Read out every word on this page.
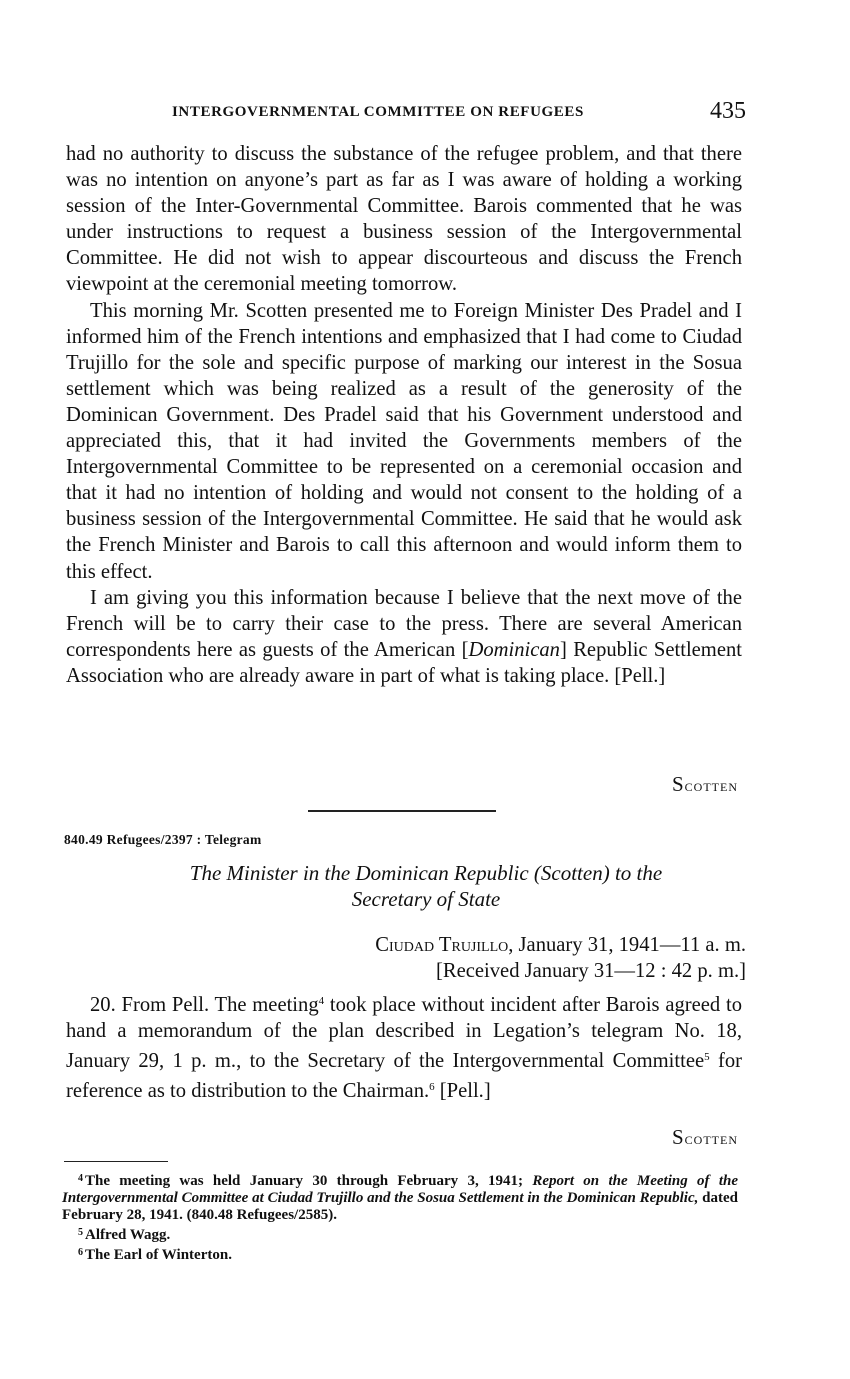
INTERGOVERNMENTAL COMMITTEE ON REFUGEES	435

had no authority to discuss the substance of the refugee problem, and that there was no intention on anyone’s part as far as I was aware of holding a working session of the Inter-Governmental Committee. Barois commented that he was under instructions to request a business session of the Intergovernmental Committee. He did not wish to appear discourteous and discuss the French viewpoint at the ceremonial meeting tomorrow.

This morning Mr. Scotten presented me to Foreign Minister Des Pradel and I informed him of the French intentions and emphasized that I had come to Ciudad Trujillo for the sole and specific purpose of marking our interest in the Sosua settlement which was being realized as a result of the generosity of the Dominican Government. Des Pradel said that his Government understood and appreciated this, that it had invited the Governments members of the Intergovernmental Committee to be represented on a ceremonial occasion and that it had no intention of holding and would not consent to the holding of a business session of the Intergovernmental Committee. He said that he would ask the French Minister and Barois to call this afternoon and would inform them to this effect.

I am giving you this information because I believe that the next move of the French will be to carry their case to the press. There are several American correspondents here as guests of the American [Dominican] Republic Settlement Association who are already aware in part of what is taking place. [Pell.]

Scotten
840.49 Refugees/2397 : Telegram
The Minister in the Dominican Republic (Scotten) to the
Secretary of State
Ciudad Trujillo, January 31, 1941—11 a. m.
[Received January 31—12 : 42 p. m.]

20. From Pell. The meeting$^4$ took place without incident after Barois agreed to hand a memorandum of the plan described in Legation’s telegram No. 18, January 29, 1 p. m., to the Secretary of the Intergovernmental Committee$^5$ for reference as to distribution to the Chairman.$^6$ [Pell.]

Scotten

$^4$ The meeting was held January 30 through February 3, 1941; Report on the Meeting of the Intergovernmental Committee at Ciudad Trujillo and the Sosua Settlement in the Dominican Republic, dated February 28, 1941. (840.48 Refugees/2585).

$^5$ Alfred Wagg.

$^6$ The Earl of Winterton.
